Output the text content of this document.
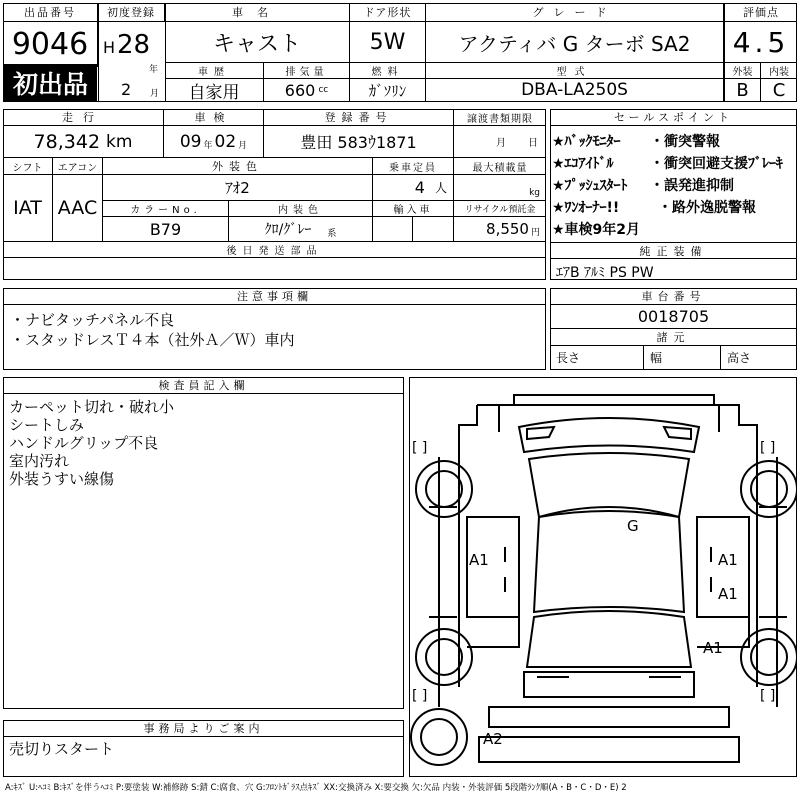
出品番号
9046
初出品
初度登録
H 28
年
2 月
車名
キャスト
ドア形状
5W
グレード
アクティバ G ターボ SA2
評価点
4.5
外装	内装
B	C
車歴
自家用
排気量
660 cc
燃料
ｶﾞｿﾘﾝ
型式
DBA-LA250S
走行
78,342 km
車検
09 年 02 月
登録番号
豊田 583ｳ1871
譲渡書類期限
月 日
シフト
IAT
エアコン
AAC
外装色
ｱｵ2
乗車定員
4 人
最大積載量
kg
カラーNo.
B79
内装色
ｸﾛ/ｸﾞﾚｰ 系
輸入車	リサイクル預託金
8,550 円
後日発送部品
セールスポイント
★ﾊﾞｯｸﾓﾆﾀｰ ・衝突警報
★ｴｺｱｲﾄﾞﾙ	・衝突回避支援ﾌﾞﾚｰｷ
★ﾌﾟｯｼｭｽﾀｰﾄ ・誤発進抑制
★ﾜﾝｵｰﾅｰ!!	・路外逸脱警報
★車検9年2月
純正装備
ｴｱB ｱﾙﾐ PS PW
注意事項欄
・ナビタッチパネル不良
・スタッドレスＴ４本（社外Ａ／Ｗ）車内
車台番号
0018705
諸元
長さ	幅	高さ
検査員記入欄
カーペット切れ・破れ小
シートしみ
ハンドルグリップ不良
室内汚れ
外装うすい線傷
事務局よりご案内
売切りスタート
[ ]	[ ]
[ ]	[ ]
G
A1	A1
A1
A1
A2
A:ｷｽﾞ U:ﾍｺﾐ B:ｷｽﾞを伴うﾍｺﾐ P:要塗装 W:補修跡 S:錆 C:腐食、穴 G:ﾌﾛﾝﾄｶﾞﾗｽ点ｷｽﾞ XX:交換済み X:要交換 欠:欠品 内装・外装評価 5段階ﾗﾝｸ順(A・B・C・D・E) 2
